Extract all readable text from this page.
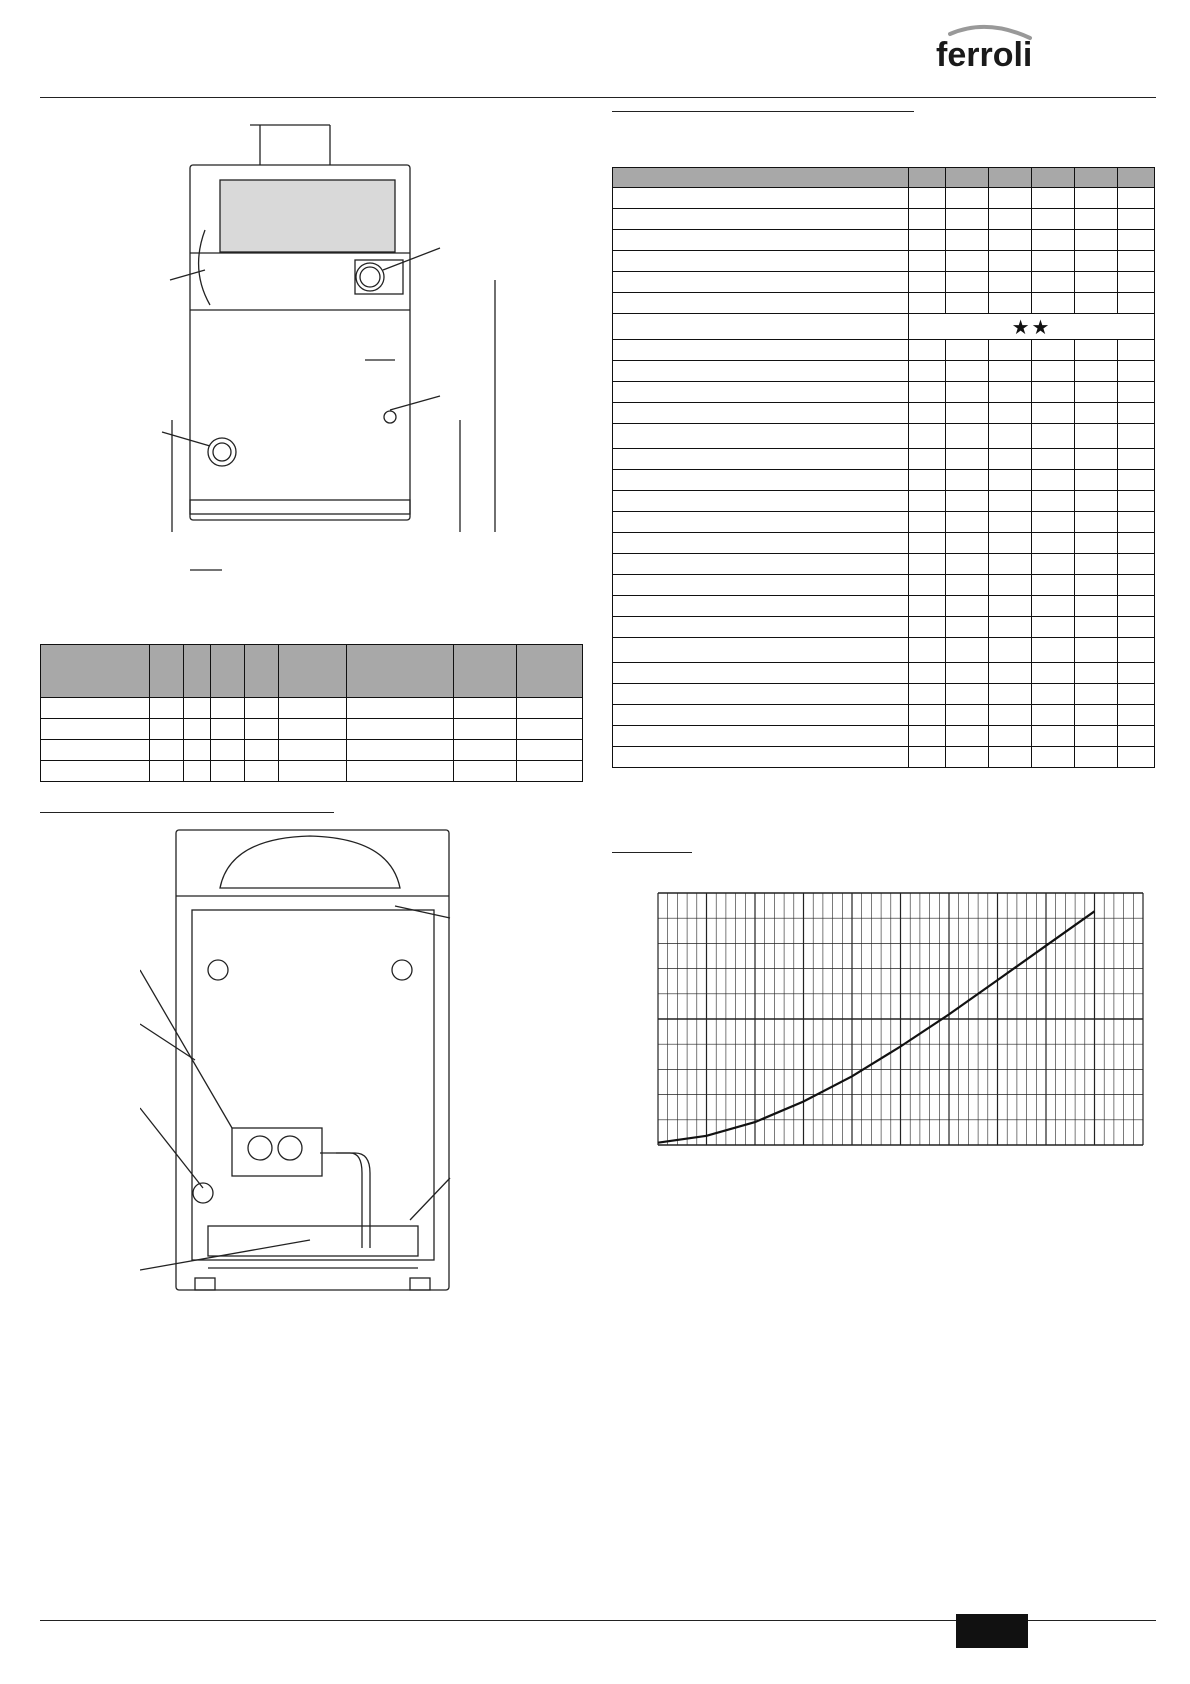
ferroli

	★★					
